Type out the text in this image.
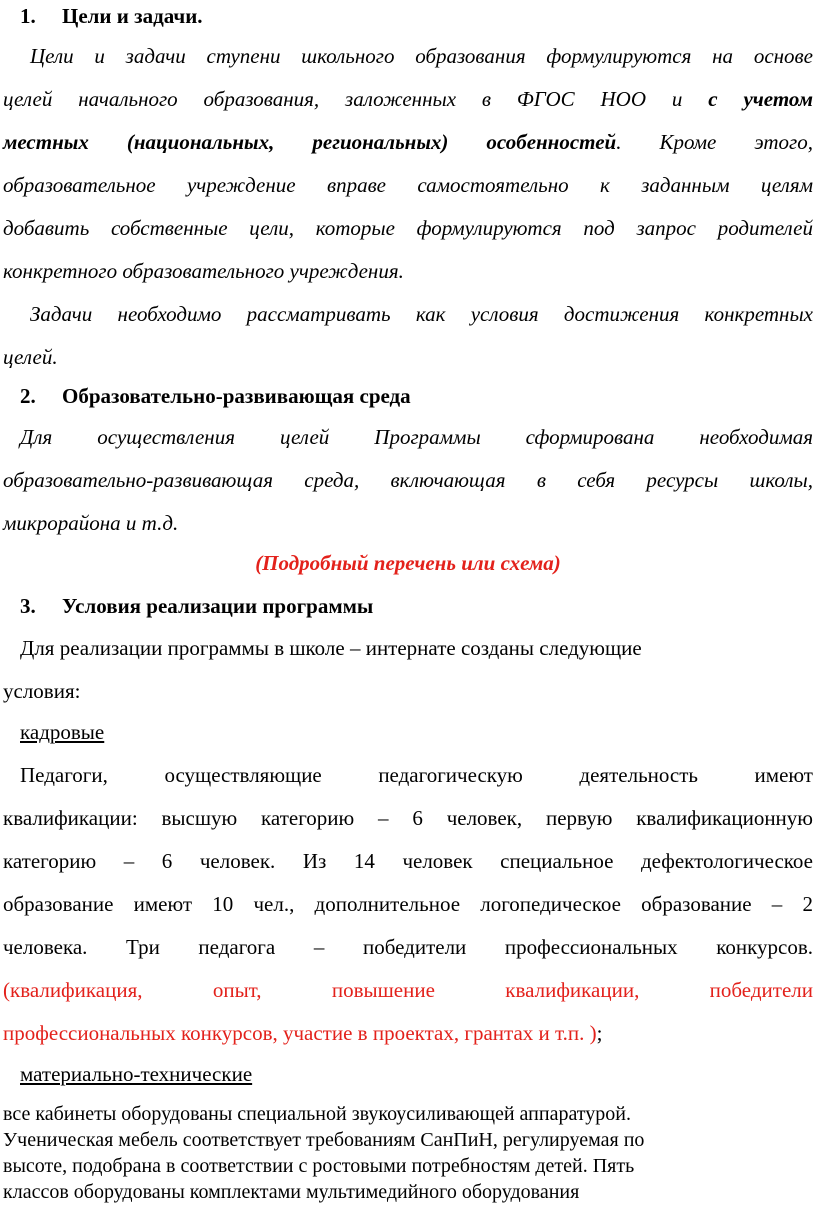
1. Цели и задачи.
Цели и задачи ступени школьного образования формулируются на основе
целей начального образования, заложенных в ФГОС НОО и с учетом
местных (национальных, региональных) особенностей. Кроме этого,
образовательное учреждение вправе самостоятельно к заданным целям
добавить собственные цели, которые формулируются под запрос родителей
конкретного образовательного учреждения.
Задачи необходимо рассматривать как условия достижения конкретных
целей.
2. Образовательно-развивающая среда
Для осуществления целей Программы сформирована необходимая
образовательно-развивающая среда, включающая в себя ресурсы школы,
микрорайона и т.д.
(Подробный перечень или схема)
3. Условия реализации программы
Для реализации программы в школе – интернате созданы следующие
условия:
кадровые
Педагоги, осуществляющие педагогическую деятельность имеют
квалификации: высшую категорию – 6 человек, первую квалификационную
категорию – 6 человек. Из 14 человек специальное дефектологическое
образование имеют 10 чел., дополнительное логопедическое образование – 2
человека. Три педагога – победители профессиональных конкурсов.
(квалификация, опыт, повышение квалификации, победители
профессиональных конкурсов, участие в проектах, грантах и т.п. );
материально-технические
все кабинеты оборудованы специальной звукоусиливающей аппаратурой.
Ученическая мебель соответствует требованиям СанПиН, регулируемая по
высоте, подобрана в соответствии с ростовыми потребностям детей. Пять
классов оборудованы комплектами мультимедийного оборудования
